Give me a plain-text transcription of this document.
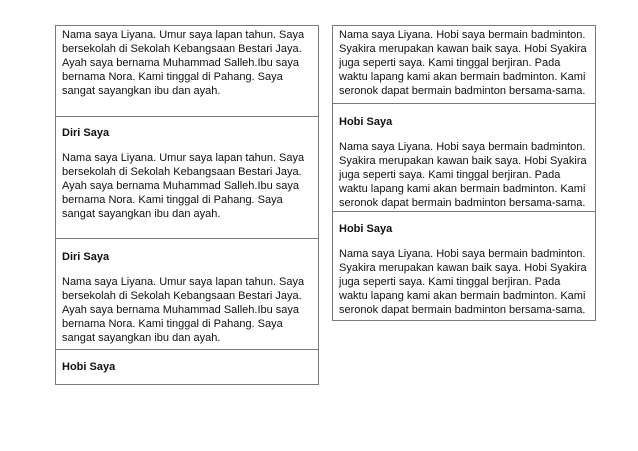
Nama saya Liyana. Umur saya lapan tahun. Saya bersekolah di Sekolah Kebangsaan Bestari Jaya. Ayah saya bernama Muhammad Salleh.Ibu saya bernama Nora. Kami tinggal di Pahang. Saya sangat sayangkan ibu dan ayah.

Diri Saya

Nama saya Liyana. Umur saya lapan tahun. Saya bersekolah di Sekolah Kebangsaan Bestari Jaya. Ayah saya bernama Muhammad Salleh.Ibu saya bernama Nora. Kami tinggal di Pahang. Saya sangat sayangkan ibu dan ayah.

Diri Saya

Nama saya Liyana. Umur saya lapan tahun. Saya bersekolah di Sekolah Kebangsaan Bestari Jaya. Ayah saya bernama Muhammad Salleh.Ibu saya bernama Nora. Kami tinggal di Pahang. Saya sangat sayangkan ibu dan ayah.

Hobi Saya

Nama saya Liyana. Hobi saya bermain badminton. Syakira merupakan kawan baik saya. Hobi Syakira juga seperti saya. Kami tinggal berjiran. Pada waktu lapang kami akan bermain badminton. Kami seronok dapat bermain badminton bersama-sama.

Hobi Saya

Nama saya Liyana. Hobi saya bermain badminton. Syakira merupakan kawan baik saya. Hobi Syakira juga seperti saya. Kami tinggal berjiran. Pada waktu lapang kami akan bermain badminton. Kami seronok dapat bermain badminton bersama-sama.

Hobi Saya

Nama saya Liyana. Hobi saya bermain badminton. Syakira merupakan kawan baik saya. Hobi Syakira juga seperti saya. Kami tinggal berjiran. Pada waktu lapang kami akan bermain badminton. Kami seronok dapat bermain badminton bersama-sama.
